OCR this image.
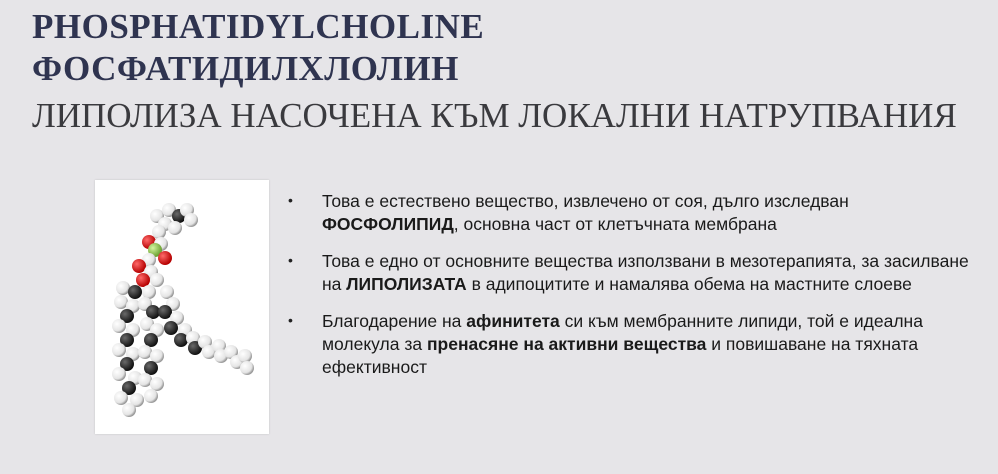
PHOSPHATIDYLCHOLINE
ФОСФАТИДИЛХЛОЛИН
ЛИПОЛИЗА НАСОЧЕНА КЪМ ЛОКАЛНИ НАТРУПВАНИЯ
•	Това е естествено вещество, извлечено от соя, дълго изследван ФОСФОЛИПИД, основна част от клетъчната мембрана
•	Това е едно от основните вещества използвани в мезотерапията, за засилване на ЛИПОЛИЗАТА в адипоцитите и намалява обема на мастните слоеве
•	Благодарение на афинитета си към мембранните липиди, той е идеална молекула за пренасяне на активни вещества и повишаване на тяхната ефективност
